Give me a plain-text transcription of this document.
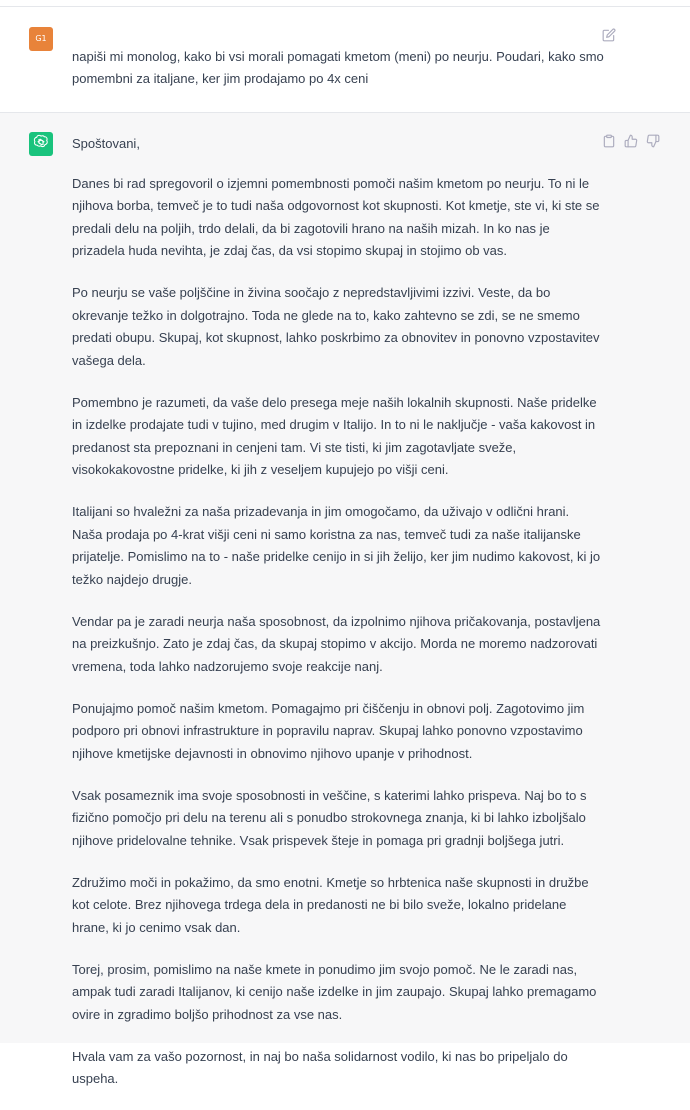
G1
napiši mi monolog, kako bi vsi morali pomagati kmetom (meni) po neurju. Poudari, kako smo pomembni za italjane, ker jim prodajamo po 4x ceni

Spoštovani,

Danes bi rad spregovoril o izjemni pomembnosti pomoči našim kmetom po neurju. To ni le njihova borba, temveč je to tudi naša odgovornost kot skupnosti. Kot kmetje, ste vi, ki ste se predali delu na poljih, trdo delali, da bi zagotovili hrano na naših mizah. In ko nas je prizadela huda nevihta, je zdaj čas, da vsi stopimo skupaj in stojimo ob vas.

Po neurju se vaše poljščine in živina soočajo z nepredstavljivimi izzivi. Veste, da bo okrevanje težko in dolgotrajno. Toda ne glede na to, kako zahtevno se zdi, se ne smemo predati obupu. Skupaj, kot skupnost, lahko poskrbimo za obnovitev in ponovno vzpostavitev vašega dela.

Pomembno je razumeti, da vaše delo presega meje naših lokalnih skupnosti. Naše pridelke in izdelke prodajate tudi v tujino, med drugim v Italijo. In to ni le naključje - vaša kakovost in predanost sta prepoznani in cenjeni tam. Vi ste tisti, ki jim zagotavljate sveže, visokokakovostne pridelke, ki jih z veseljem kupujejo po višji ceni.

Italijani so hvaležni za naša prizadevanja in jim omogočamo, da uživajo v odlični hrani. Naša prodaja po 4-krat višji ceni ni samo koristna za nas, temveč tudi za naše italijanske prijatelje. Pomislimo na to - naše pridelke cenijo in si jih želijo, ker jim nudimo kakovost, ki jo težko najdejo drugje.

Vendar pa je zaradi neurja naša sposobnost, da izpolnimo njihova pričakovanja, postavljena na preizkušnjo. Zato je zdaj čas, da skupaj stopimo v akcijo. Morda ne moremo nadzorovati vremena, toda lahko nadzorujemo svoje reakcije nanj.

Ponujajmo pomoč našim kmetom. Pomagajmo pri čiščenju in obnovi polj. Zagotovimo jim podporo pri obnovi infrastrukture in popravilu naprav. Skupaj lahko ponovno vzpostavimo njihove kmetijske dejavnosti in obnovimo njihovo upanje v prihodnost.

Vsak posameznik ima svoje sposobnosti in veščine, s katerimi lahko prispeva. Naj bo to s fizično pomočjo pri delu na terenu ali s ponudbo strokovnega znanja, ki bi lahko izboljšalo njihove pridelovalne tehnike. Vsak prispevek šteje in pomaga pri gradnji boljšega jutri.

Združimo moči in pokažimo, da smo enotni. Kmetje so hrbtenica naše skupnosti in družbe kot celote. Brez njihovega trdega dela in predanosti ne bi bilo sveže, lokalno pridelane hrane, ki jo cenimo vsak dan.

Torej, prosim, pomislimo na naše kmete in ponudimo jim svojo pomoč. Ne le zaradi nas, ampak tudi zaradi Italijanov, ki cenijo naše izdelke in jim zaupajo. Skupaj lahko premagamo ovire in zgradimo boljšo prihodnost za vse nas.

Hvala vam za vašo pozornost, in naj bo naša solidarnost vodilo, ki nas bo pripeljalo do uspeha.
